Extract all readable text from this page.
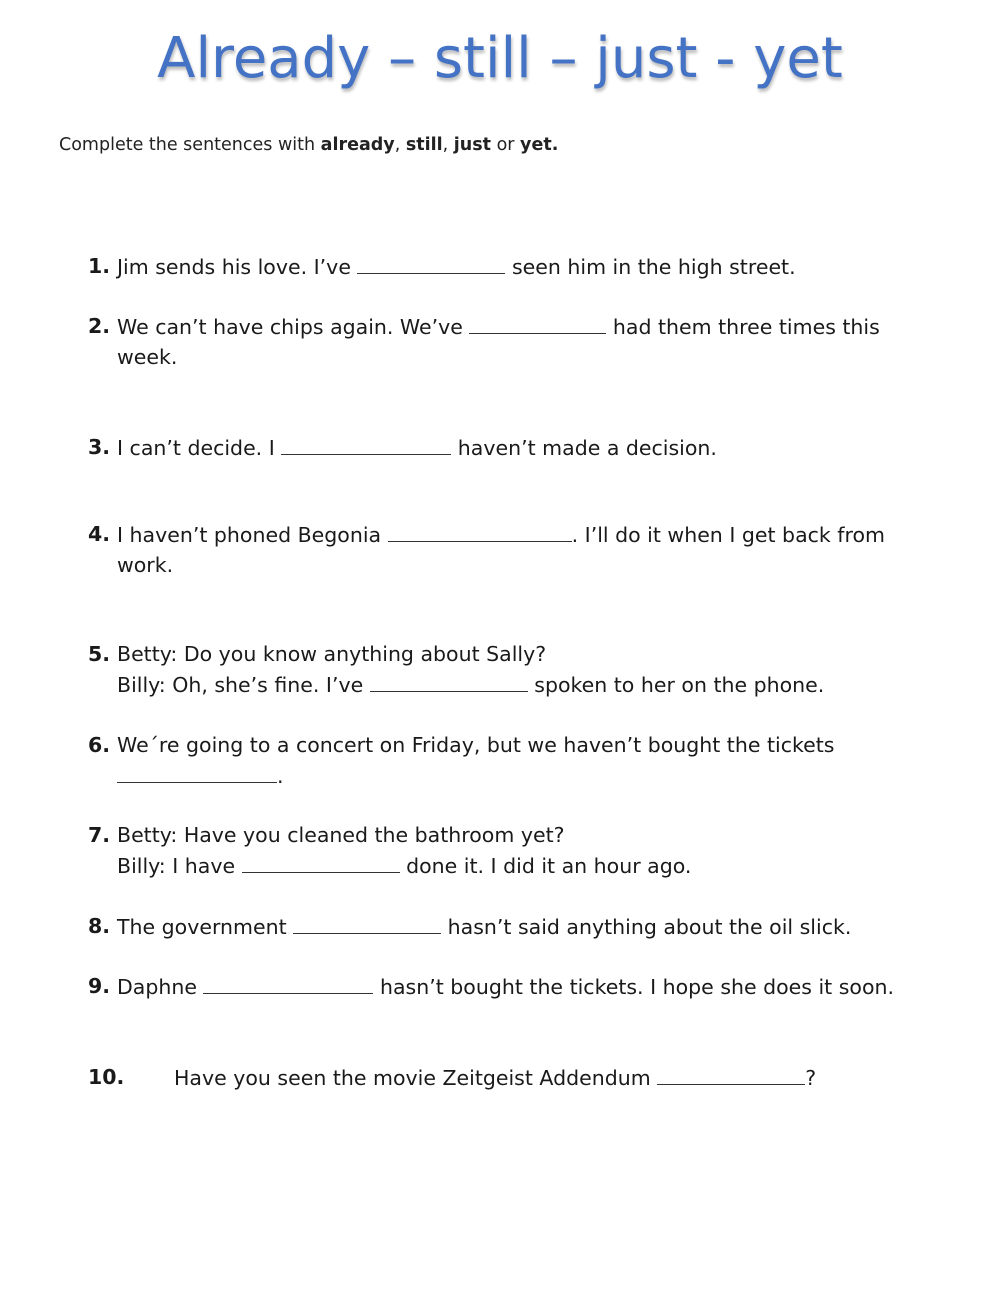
Already – still – just - yet
Complete the sentences with already, still, just or yet.
1. Jim sends his love. I’ve	seen him in the high street.
2. We can’t have chips again. We’ve	had them three times this
week.
3. I can’t decide. I	haven’t made a decision.
4. I haven’t phoned Begonia	. I’ll do it when I get back from
work.
5. Betty: Do you know anything about Sally?
Billy: Oh, she’s fine. I’ve	spoken to her on the phone.
6. We´re going to a concert on Friday, but we haven’t bought the tickets
.
7. Betty: Have you cleaned the bathroom yet?
Billy: I have	done it. I did it an hour ago.
8. The government	hasn’t said anything about the oil slick.
9. Daphne	hasn’t bought the tickets. I hope she does it soon.
10. Have you seen the movie Zeitgeist Addendum	?
